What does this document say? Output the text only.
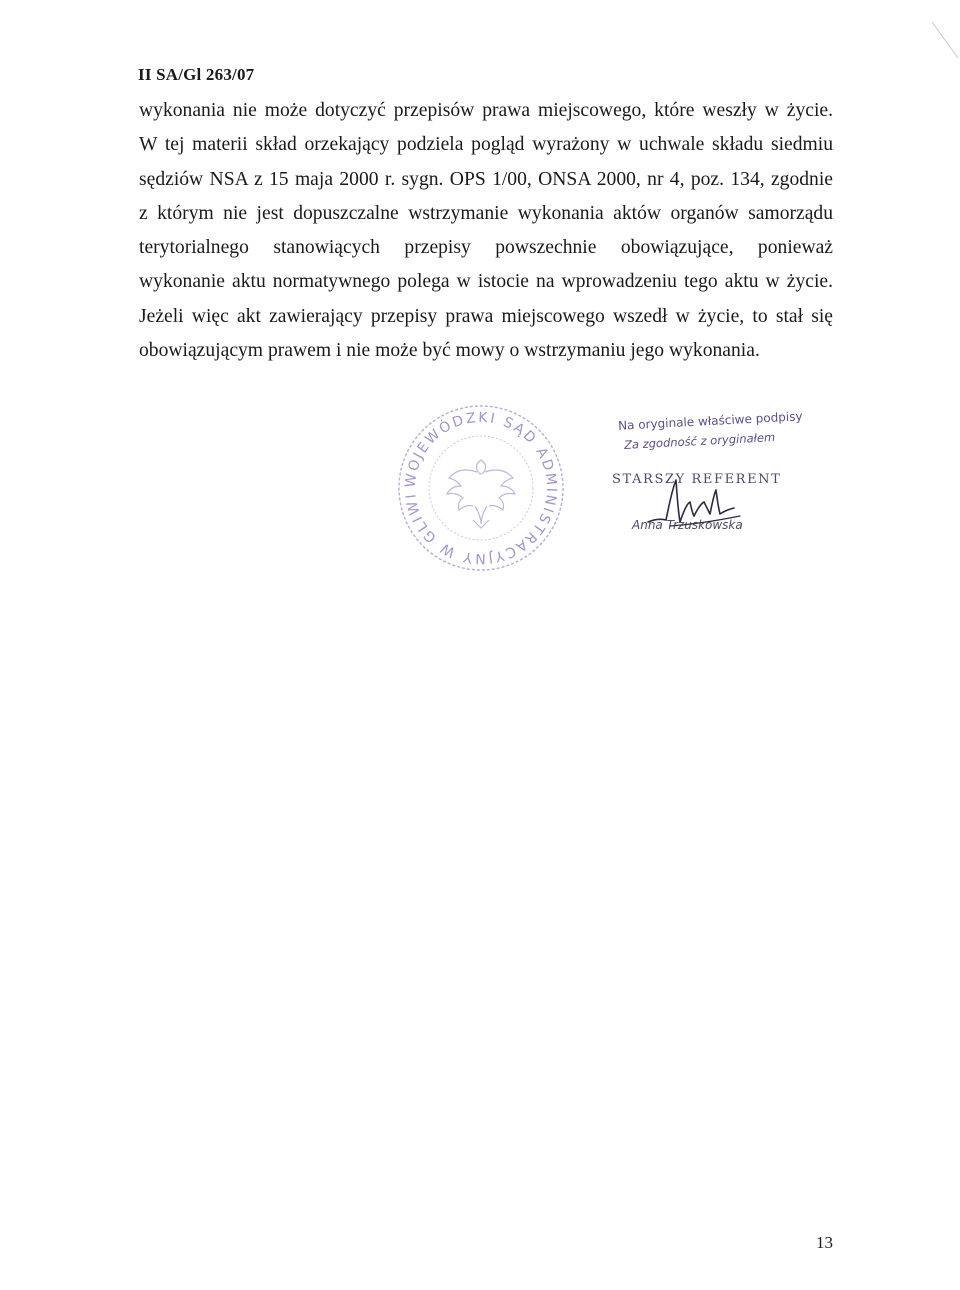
II SA/Gl 263/07
wykonania nie może dotyczyć przepisów prawa miejscowego, które weszły w życie.
W tej materii skład orzekający podziela pogląd wyrażony w uchwale składu siedmiu
sędziów NSA z 15 maja 2000 r. sygn. OPS 1/00, ONSA 2000, nr 4, poz. 134, zgodnie
z którym nie jest dopuszczalne wstrzymanie wykonania aktów organów samorządu
terytorialnego stanowiących przepisy powszechnie obowiązujące, ponieważ
wykonanie aktu normatywnego polega w istocie na wprowadzeniu tego aktu w życie.
Jeżeli więc akt zawierający przepisy prawa miejscowego wszedł w życie, to stał się
obowiązującym prawem i nie może być mowy o wstrzymaniu jego wykonania.
WOJEWÓDZKI SĄD ADMINISTRACYJNY W GLIWI
Na oryginale właściwe podpisy
Za zgodność z oryginałem
STARSZY REFERENT
Anna Trzuskowska
13
